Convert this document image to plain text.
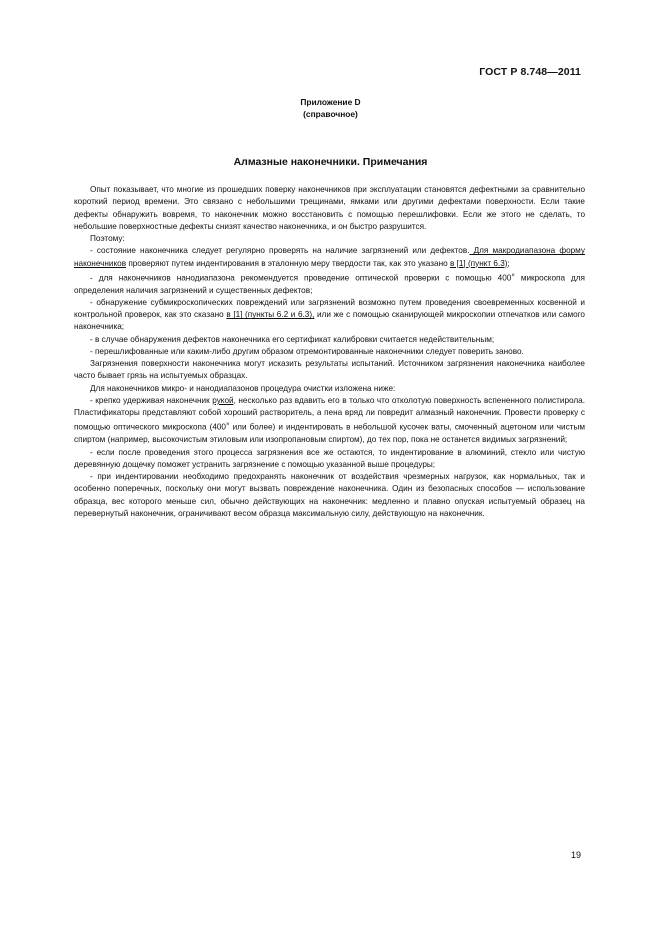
ГОСТ Р 8.748—2011
Приложение D
(справочное)
Алмазные наконечники. Примечания

Опыт показывает, что многие из прошедших поверку наконечников при эксплуатации становятся дефектными за сравнительно короткий период времени. Это связано с небольшими трещинами, ямками или другими дефектами поверхности. Если такие дефекты обнаружить вовремя, то наконечник можно восстановить с помощью перешлифовки. Если же этого не сделать, то небольшие поверхностные дефекты снизят качество наконечника, и он быстро разрушится.

Поэтому:

- состояние наконечника следует регулярно проверять на наличие загрязнений или дефектов. Для макродиапазона форму наконечников проверяют путем индентирования в эталонную меру твердости так, как это указано в [1] (пункт 6.3);

- для наконечников нанодиапазона рекомендуется проведение оптической проверки с помощью 400× микроскопа для определения наличия загрязнений и существенных дефектов;

- обнаружение субмикроскопических повреждений или загрязнений возможно путем проведения своевременных косвенной и контрольной проверок, как это сказано в [1] (пункты 6.2 и 6.3), или же с помощью сканирующей микроскопии отпечатков или самого наконечника;

- в случае обнаружения дефектов наконечника его сертификат калибровки считается недействительным;

- перешлифованные или каким-либо другим образом отремонтированные наконечники следует поверить заново.

Загрязнения поверхности наконечника могут исказить результаты испытаний. Источником загрязнения наконечника наиболее часто бывает грязь на испытуемых образцах.

Для наконечников микро- и нанодиапазонов процедура очистки изложена ниже:

- крепко удерживая наконечник рукой, несколько раз вдавить его в только что отколотую поверхность вспененного полистирола. Пластификаторы представляют собой хороший растворитель, а пена вряд ли повредит алмазный наконечник. Провести проверку с помощью оптического микроскопа (400× или более) и индентировать в небольшой кусочек ваты, смоченный ацетоном или чистым спиртом (например, высокочистым этиловым или изопропановым спиртом), до тех пор, пока не останется видимых загрязнений;

- если после проведения этого процесса загрязнения все же остаются, то индентирование в алюминий, стекло или чистую деревянную дощечку поможет устранить загрязнение с помощью указанной выше процедуры;

- при индентировании необходимо предохранять наконечник от воздействия чрезмерных нагрузок, как нормальных, так и особенно поперечных, поскольку они могут вызвать повреждение наконечника. Один из безопасных способов — использование образца, вес которого меньше сил, обычно действующих на наконечник: медленно и плавно опуская испытуемый образец на перевернутый наконечник, ограничивают весом образца максимальную силу, действующую на наконечник.

19
